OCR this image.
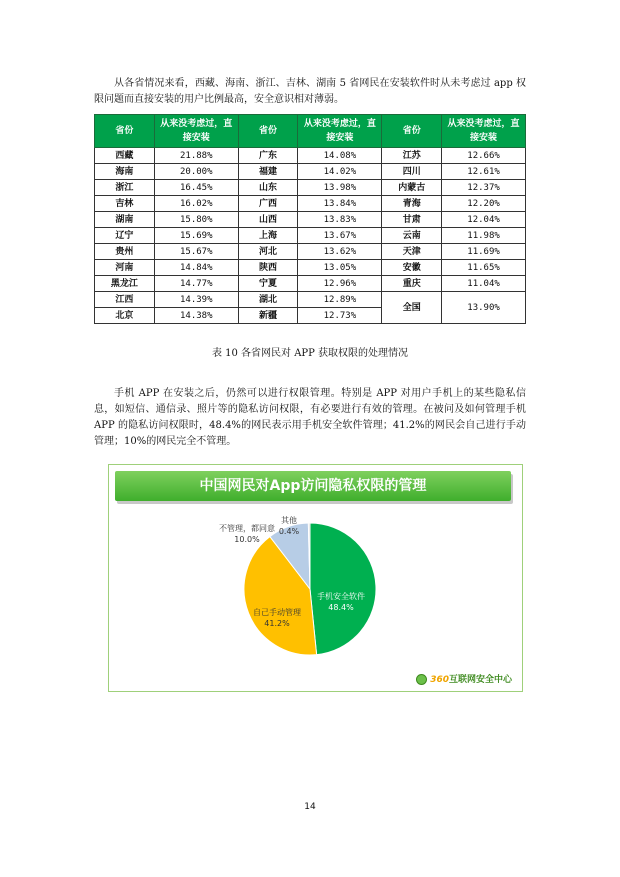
从各省情况来看，西藏、海南、浙江、吉林、湖南 5 省网民在安装软件时从未考虑过 app 权限问题而直接安装的用户比例最高，安全意识相对薄弱。

省份	从来没考虑过，直接安装	省份	从来没考虑过，直接安装	省份	从来没考虑过，直接安装
西藏	21.88%	广东	14.08%	江苏	12.66%
海南	20.00%	福建	14.02%	四川	12.61%
浙江	16.45%	山东	13.98%	内蒙古	12.37%
吉林	16.02%	广西	13.84%	青海	12.20%
湖南	15.80%	山西	13.83%	甘肃	12.04%
辽宁	15.69%	上海	13.67%	云南	11.98%
贵州	15.67%	河北	13.62%	天津	11.69%
河南	14.84%	陕西	13.05%	安徽	11.65%
黑龙江	14.77%	宁夏	12.96%	重庆	11.04%
江西	14.39%	湖北	12.89%	全国	13.90%
北京	14.38%	新疆	12.73%		
表 10 各省网民对 APP 获取权限的处理情况

手机 APP 在安装之后，仍然可以进行权限管理。特别是 APP 对用户手机上的某些隐私信息，如短信、通信录、照片等的隐私访问权限，有必要进行有效的管理。在被问及如何管理手机 APP 的隐私访问权限时，48.4%的网民表示用手机安全软件管理；41.2%的网民会自己进行手动管理；10%的网民完全不管理。

中国网民对App访问隐私权限的管理
手机安全软件
48.4%
自己手动管理
41.2%
不管理，都同意
10.0%
其他
0.4%
360互联网安全中心
14
